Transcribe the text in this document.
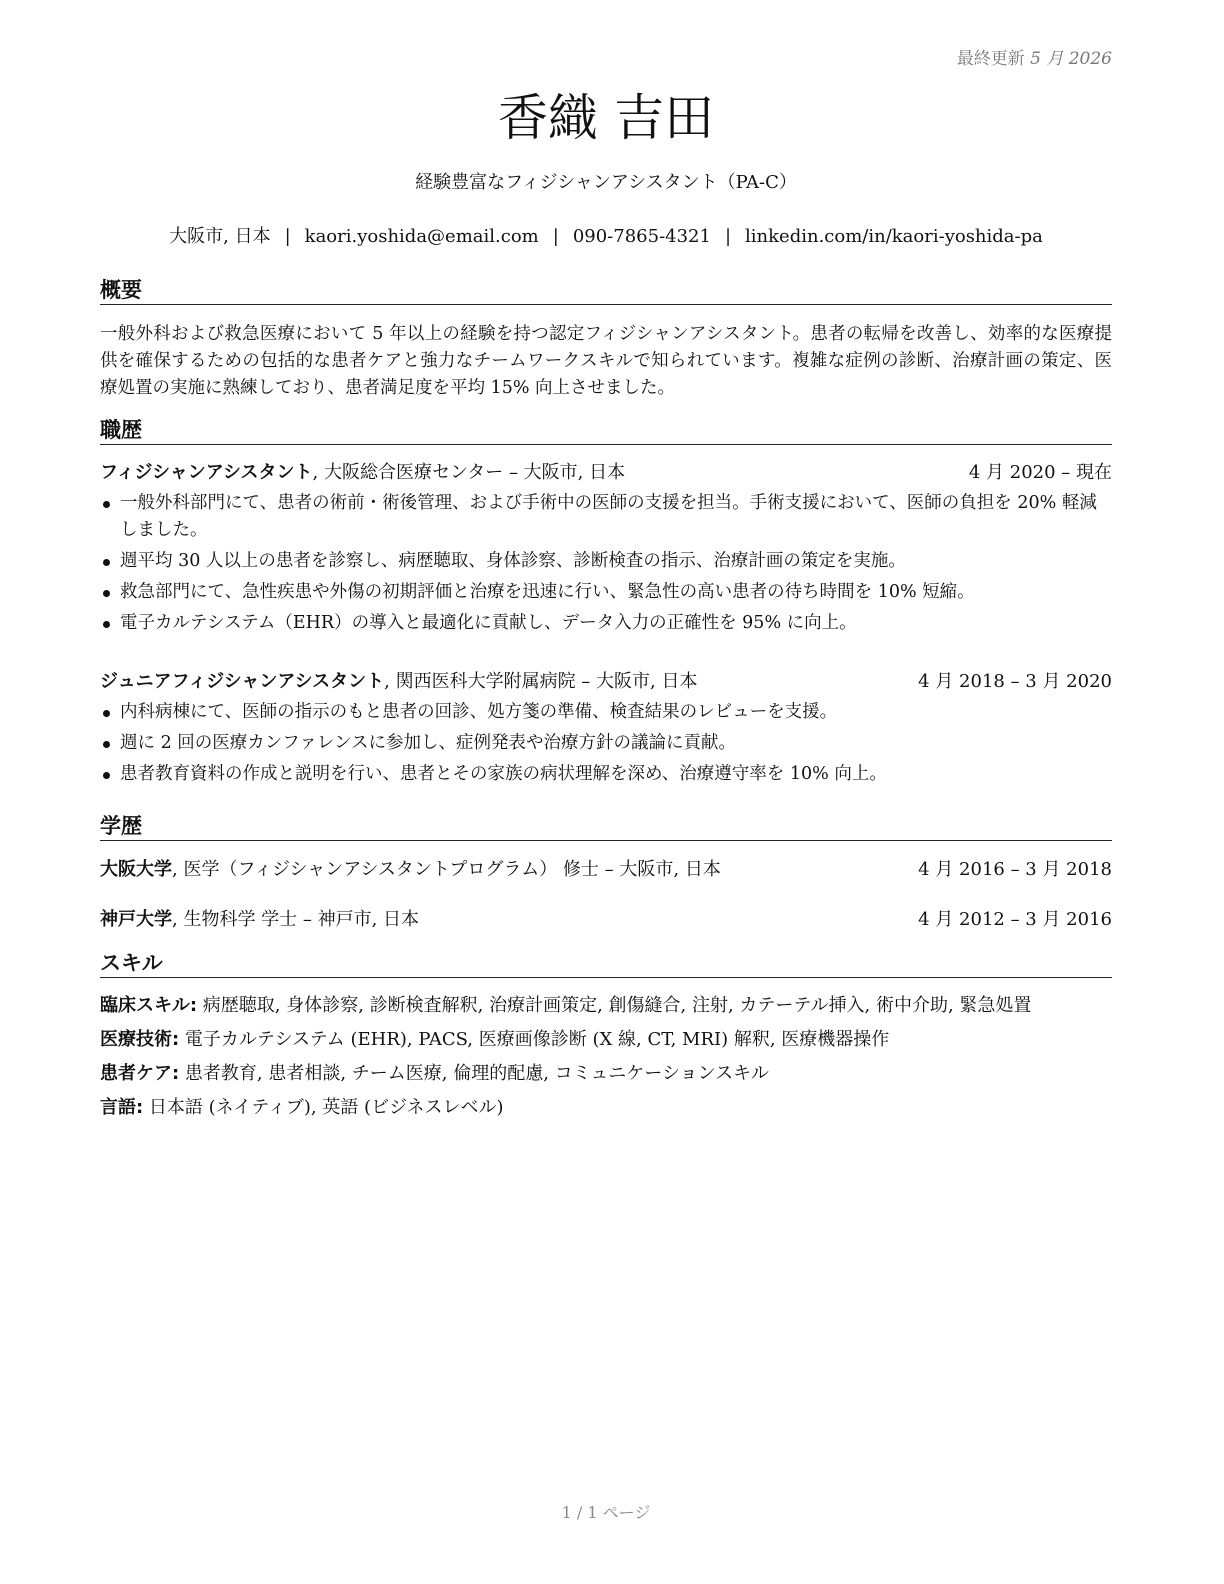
最終更新 5 月 2026
香織 吉田
経験豊富なフィジシャンアシスタント（PA-C）
大阪市, 日本 | kaori.yoshida@email.com | 090-7865-4321 | linkedin.com/in/kaori-yoshida-pa
概要
一般外科および救急医療において 5 年以上の経験を持つ認定フィジシャンアシスタント。患者の転帰を改善し、効率的な医療提供を確保するための包括的な患者ケアと強力なチームワークスキルで知られています。複雑な症例の診断、治療計画の策定、医療処置の実施に熟練しており、患者満足度を平均 15% 向上させました。
職歴
フィジシャンアシスタント, 大阪総合医療センター – 大阪市, 日本	4 月 2020 – 現在
一般外科部門にて、患者の術前・術後管理、および手術中の医師の支援を担当。手術支援において、医師の負担を 20% 軽減しました。
週平均 30 人以上の患者を診察し、病歴聴取、身体診察、診断検査の指示、治療計画の策定を実施。
救急部門にて、急性疾患や外傷の初期評価と治療を迅速に行い、緊急性の高い患者の待ち時間を 10% 短縮。
電子カルテシステム（EHR）の導入と最適化に貢献し、データ入力の正確性を 95% に向上。
ジュニアフィジシャンアシスタント, 関西医科大学附属病院 – 大阪市, 日本	4 月 2018 – 3 月 2020
内科病棟にて、医師の指示のもと患者の回診、処方箋の準備、検査結果のレビューを支援。
週に 2 回の医療カンファレンスに参加し、症例発表や治療方針の議論に貢献。
患者教育資料の作成と説明を行い、患者とその家族の病状理解を深め、治療遵守率を 10% 向上。
学歴
大阪大学, 医学（フィジシャンアシスタントプログラム） 修士 – 大阪市, 日本	4 月 2016 – 3 月 2018
神戸大学, 生物科学 学士 – 神戸市, 日本	4 月 2012 – 3 月 2016
スキル
臨床スキル: 病歴聴取, 身体診察, 診断検査解釈, 治療計画策定, 創傷縫合, 注射, カテーテル挿入, 術中介助, 緊急処置
医療技術: 電子カルテシステム (EHR), PACS, 医療画像診断 (X 線, CT, MRI) 解釈, 医療機器操作
患者ケア: 患者教育, 患者相談, チーム医療, 倫理的配慮, コミュニケーションスキル
言語: 日本語 (ネイティブ), 英語 (ビジネスレベル)
1 / 1 ページ
